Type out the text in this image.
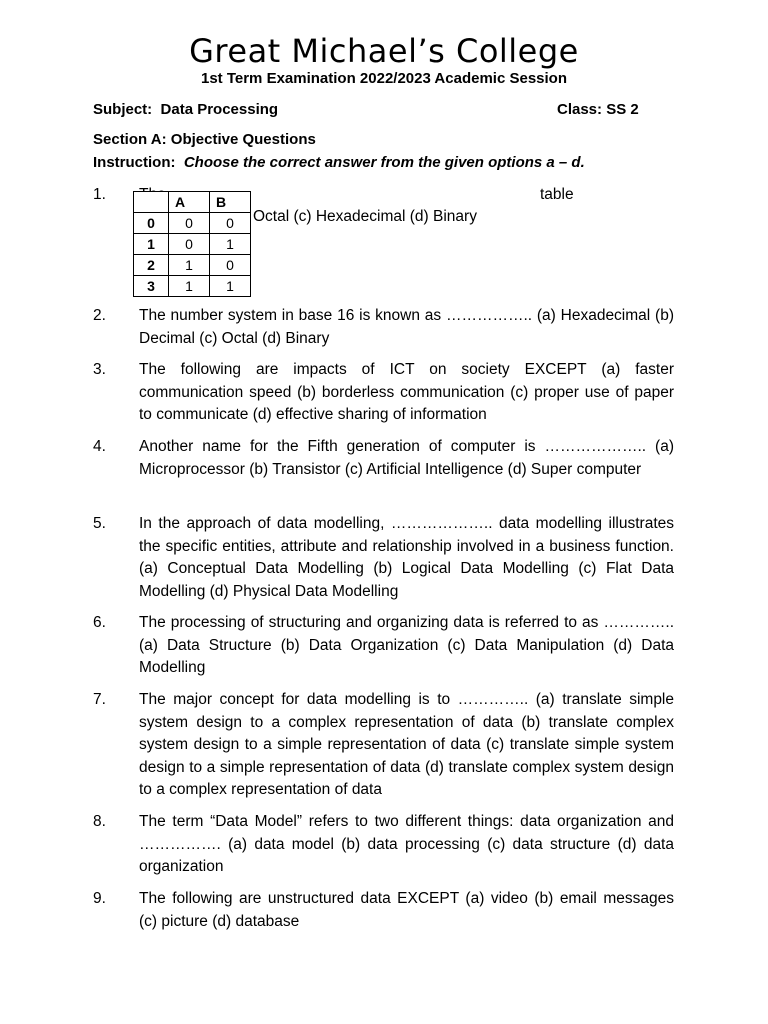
Great Michael’s College
1st Term Examination 2022/2023 Academic Session
Subject: Data Processing	Class: SS 2
Section A: Objective Questions
Instruction: Choose the correct answer from the given options a – d.
1.	table
Octal (c) Hexadecimal (d) Binary
	A	B
0	0	0
1	0	1
2	1	0
3	1	1
2.	The number system in base 16 is known as …………….. (a) Hexadecimal (b) Decimal (c) Octal (d) Binary
3.	The following are impacts of ICT on society EXCEPT (a) faster communication speed (b) borderless communication (c) proper use of paper to communicate (d) effective sharing of information
4.	Another name for the Fifth generation of computer is ……………….. (a) Microprocessor (b) Transistor (c) Artificial Intelligence (d) Super computer
5.	In the approach of data modelling, ……………….. data modelling illustrates the specific entities, attribute and relationship involved in a business function. (a) Conceptual Data Modelling (b) Logical Data Modelling (c) Flat Data Modelling (d) Physical Data Modelling
6.	The processing of structuring and organizing data is referred to as ………….. (a) Data Structure (b) Data Organization (c) Data Manipulation (d) Data Modelling
7.	The major concept for data modelling is to ………….. (a) translate simple system design to a complex representation of data (b) translate complex system design to a simple representation of data (c) translate simple system design to a simple representation of data (d) translate complex system design to a complex representation of data
8.	The term “Data Model” refers to two different things: data organization and ……………. (a) data model (b) data processing (c) data structure (d) data organization
9.	The following are unstructured data EXCEPT (a) video (b) email messages (c) picture (d) database
